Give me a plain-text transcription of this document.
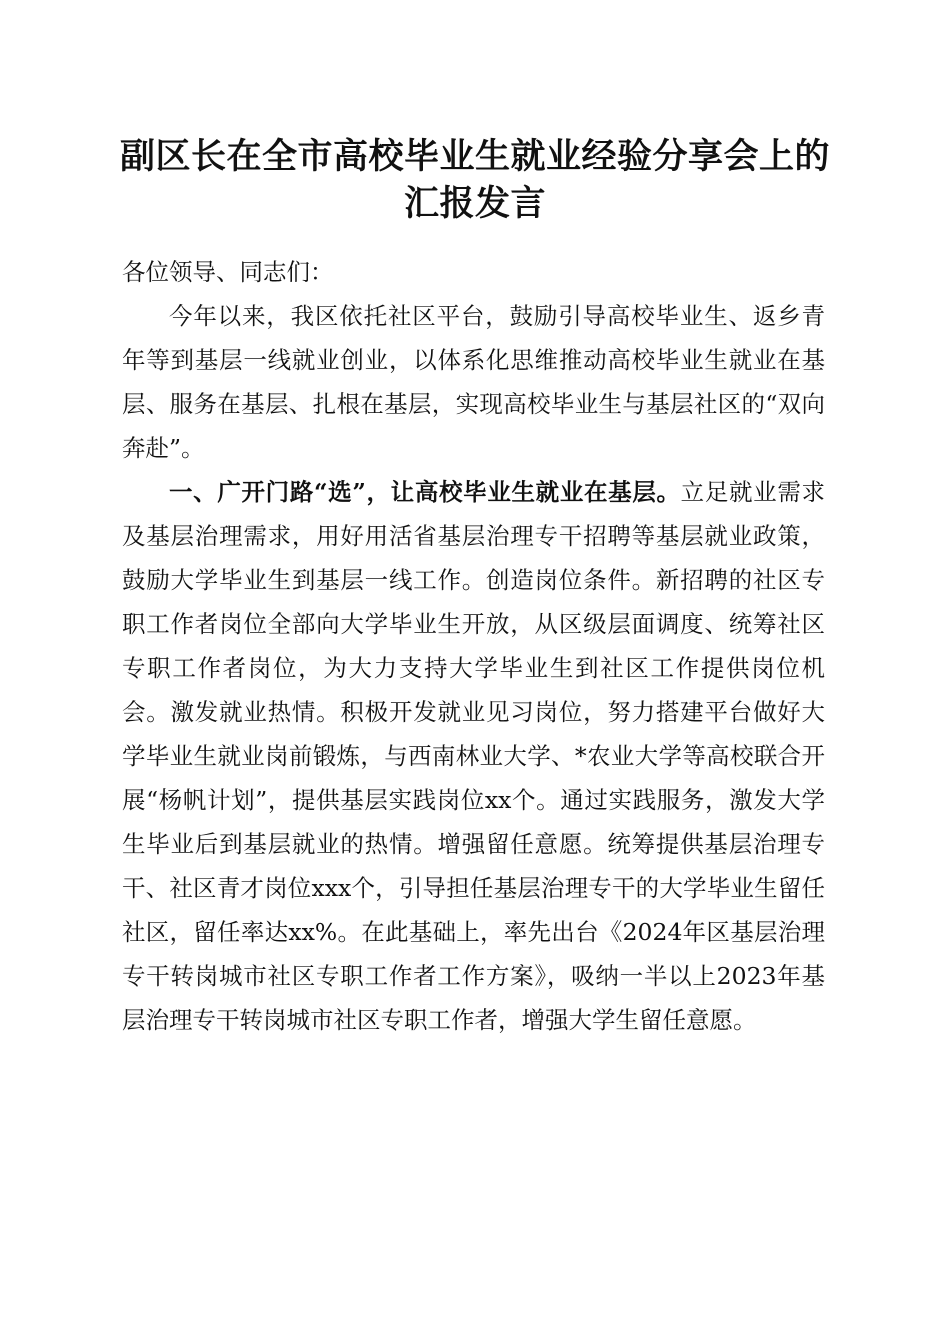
副区长在全市高校毕业生就业经验分享会上的
汇报发言

各位领导、同志们：

今年以来，我区依托社区平台，鼓励引导高校毕业生、返乡青年等到基层一线就业创业，以体系化思维推动高校毕业生就业在基层、服务在基层、扎根在基层，实现高校毕业生与基层社区的“双向奔赴”。

一、广开门路“选”，让高校毕业生就业在基层。立足就业需求及基层治理需求，用好用活省基层治理专干招聘等基层就业政策，鼓励大学毕业生到基层一线工作。创造岗位条件。新招聘的社区专职工作者岗位全部向大学毕业生开放，从区级层面调度、统筹社区专职工作者岗位，为大力支持大学毕业生到社区工作提供岗位机会。激发就业热情。积极开发就业见习岗位，努力搭建平台做好大学毕业生就业岗前锻炼，与西南林业大学、*农业大学等高校联合开展“杨帆计划”，提供基层实践岗位xx个。通过实践服务，激发大学生毕业后到基层就业的热情。增强留任意愿。统筹提供基层治理专干、社区青才岗位xxx个，引导担任基层治理专干的大学毕业生留任社区，留任率达xx%。在此基础上，率先出台《2024年区基层治理专干转岗城市社区专职工作者工作方案》，吸纳一半以上2023年基层治理专干转岗城市社区专职工作者，增强大学生留任意愿。
